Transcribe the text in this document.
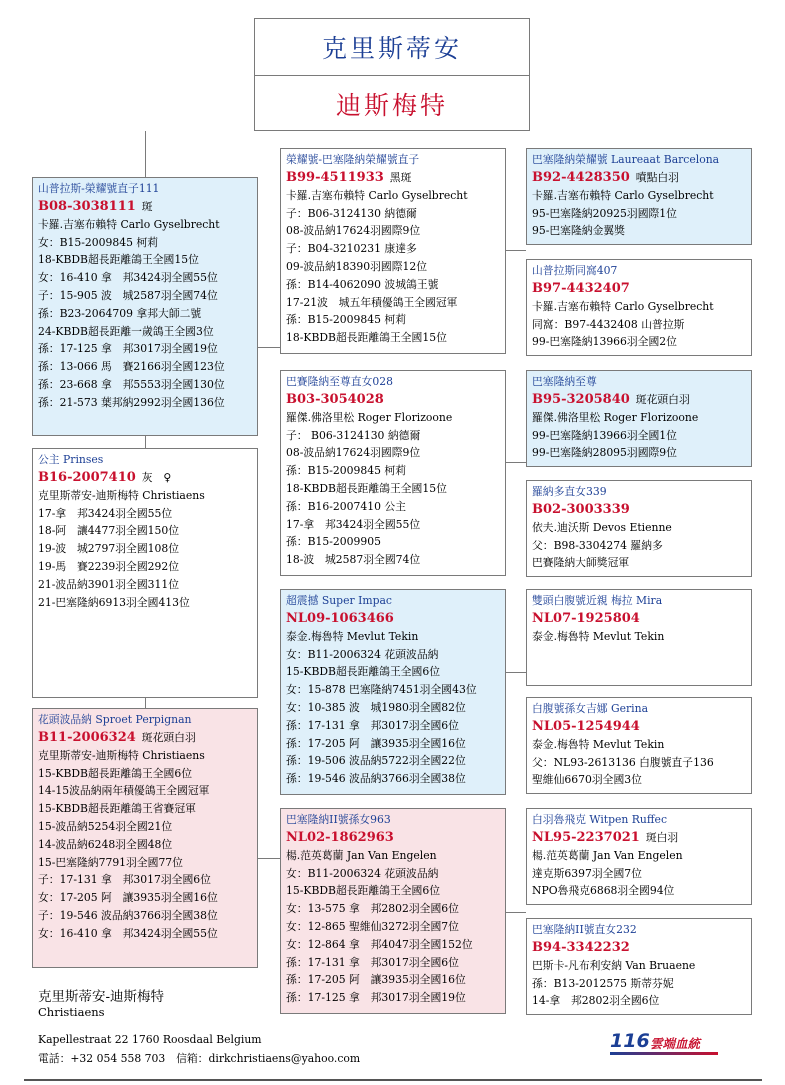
克里斯蒂安
迪斯梅特
山普拉斯-榮耀號直子111
B08-3038111 斑
卡羅.吉塞布賴特 Carlo Gyselbrecht
女：B15-2009845 柯莉
18-KBDB超長距離鴿王全國15位
女：16-410 拿　邦3424羽全國55位
子：15-905 波　城2587羽全國74位
孫：B23-2064709 拿邦大師二號
24-KBDB超長距離一歲鴿王全國3位
孫：17-125 拿　邦3017羽全國19位
孫：13-066 馬　賽2166羽全國123位
孫：23-668 拿　邦5553羽全國130位
孫：21-573 葉邦納2992羽全國136位
公主 Prinses
B16-2007410 灰　♀
克里斯蒂安-迪斯梅特 Christiaens
17-拿　邦3424羽全國55位
18-阿　讓4477羽全國150位
19-波　城2797羽全國108位
19-馬　賽2239羽全國292位
21-波品納3901羽全國311位
21-巴塞隆納6913羽全國413位
花頭波品納 Sproet Perpignan
B11-2006324 斑花頭白羽
克里斯蒂安-迪斯梅特 Christiaens
15-KBDB超長距離鴿王全國6位
14-15波品納兩年積優鴿王全國冠軍
15-KBDB超長距離鴿王省賽冠軍
15-波品納5254羽全國21位
14-波品納6248羽全國48位
15-巴塞隆納7791羽全國77位
子：17-131 拿　邦3017羽全國6位
女：17-205 阿　讓3935羽全國16位
子：19-546 波品納3766羽全國38位
女：16-410 拿　邦3424羽全國55位
榮耀號-巴塞隆納榮耀號直子
B99-4511933 黑斑
卡羅.吉塞布賴特 Carlo Gyselbrecht
子：B06-3124130 納德爾
08-波品納17624羽國際9位
子：B04-3210231 康達多
09-波品納18390羽國際12位
孫：B14-4062090 波城鴿王號
17-21波　城五年積優鴿王全國冠軍
孫：B15-2009845 柯莉
18-KBDB超長距離鴿王全國15位
巴賽隆納至尊直女028
B03-3054028
羅傑.佛洛里松 Roger Florizoone
子： B06-3124130 納德爾
08-波品納17624羽國際9位
孫：B15-2009845 柯莉
18-KBDB超長距離鴿王全國15位
孫：B16-2007410 公主
17-拿　邦3424羽全國55位
孫：B15-2009905
18-波　城2587羽全國74位
超震撼 Super Impac
NL09-1063466
泰金.梅魯特 Mevlut Tekin
女：B11-2006324 花頭波品納
15-KBDB超長距離鴿王全國6位
女：15-878 巴塞隆納7451羽全國43位
女：10-385 波　城1980羽全國82位
孫：17-131 拿　邦3017羽全國6位
孫：17-205 阿　讓3935羽全國16位
孫：19-506 波品納5722羽全國22位
孫：19-546 波品納3766羽全國38位
巴塞隆納II號孫女963
NL02-1862963
楊.范英葛蘭 Jan Van Engelen
女：B11-2006324 花頭波品納
15-KBDB超長距離鴿王全國6位
女：13-575 拿　邦2802羽全國6位
女：12-865 聖維仙3272羽全國7位
女：12-864 拿　邦4047羽全國152位
孫：17-131 拿　邦3017羽全國6位
孫：17-205 阿　讓3935羽全國16位
孫：17-125 拿　邦3017羽全國19位
巴塞隆納榮耀號 Laureaat Barcelona
B92-4428350 噴點白羽
卡羅.吉塞布賴特 Carlo Gyselbrecht
95-巴塞隆納20925羽國際1位
95-巴塞隆納金翼獎
山普拉斯同窩407
B97-4432407
卡羅.吉塞布賴特 Carlo Gyselbrecht
同窩：B97-4432408 山普拉斯
99-巴塞隆納13966羽全國2位
巴塞隆納至尊
B95-3205840 斑花頭白羽
羅傑.佛洛里松 Roger Florizoone
99-巴塞隆納13966羽全國1位
99-巴塞隆納28095羽國際9位
羅納多直女339
B02-3003339
依夫.迪沃斯 Devos Etienne
父：B98-3304274 羅納多
巴賽隆納大師獎冠軍
雙頭白腹號近親 梅拉 Mira
NL07-1925804
泰金.梅魯特 Mevlut Tekin
白腹號孫女吉娜 Gerina
NL05-1254944
泰金.梅魯特 Mevlut Tekin
父：NL93-2613136 白腹號直子136
聖維仙6670羽全國3位
白羽魯飛克 Witpen Ruffec
NL95-2237021 斑白羽
楊.范英葛蘭 Jan Van Engelen
達克斯6397羽全國7位
NPO魯飛克6868羽全國94位
巴塞隆納II號直女232
B94-3342232
巴斯卡-凡布利安納 Van Bruaene
孫：B13-2012575 斯蒂芬妮
14-拿　邦2802羽全國6位
克里斯蒂安-迪斯梅特
Christiaens
Kapellestraat 22 1760 Roosdaal Belgium
電話：+32 054 558 703　信箱：dirkchristiaens@yahoo.com
116 雲端血統
